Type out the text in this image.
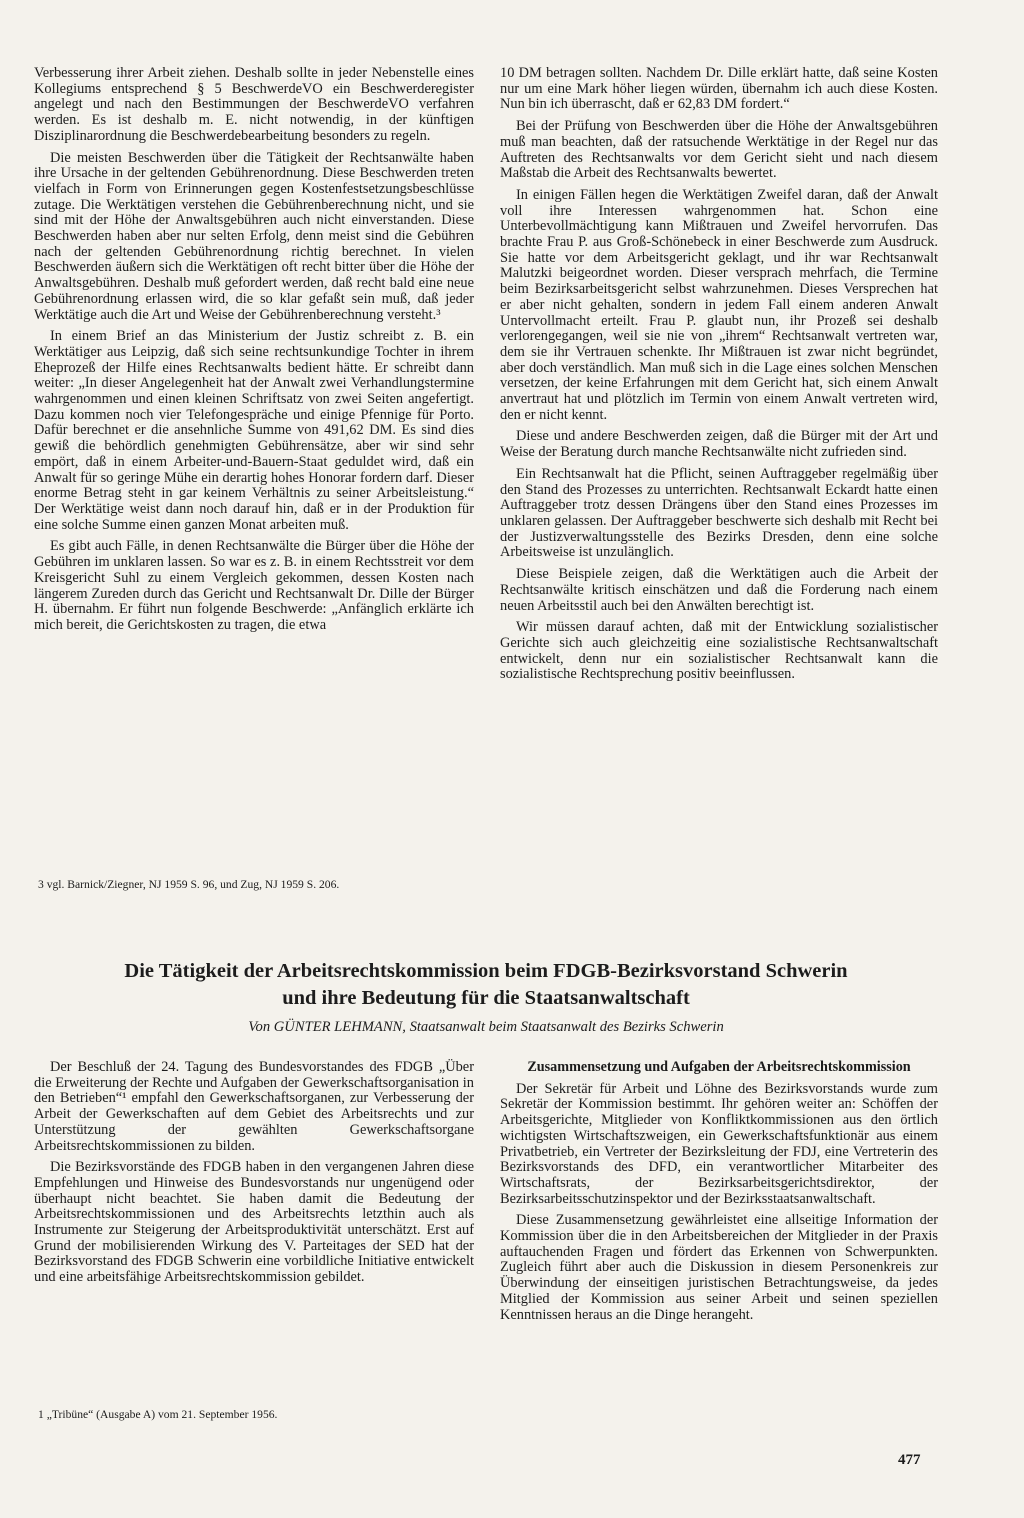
Verbesserung ihrer Arbeit ziehen. Deshalb sollte in jeder Nebenstelle eines Kollegiums entsprechend § 5 BeschwerdeVO ein Beschwerderegister angelegt und nach den Bestimmungen der BeschwerdeVO verfahren werden. Es ist deshalb m. E. nicht notwendig, in der künftigen Disziplinarordnung die Beschwerdebearbeitung besonders zu regeln.

Die meisten Beschwerden über die Tätigkeit der Rechtsanwälte haben ihre Ursache in der geltenden Gebührenordnung. Diese Beschwerden treten vielfach in Form von Erinnerungen gegen Kostenfestsetzungsbeschlüsse zutage. Die Werktätigen verstehen die Gebührenberechnung nicht, und sie sind mit der Höhe der Anwaltsgebühren auch nicht einverstanden. Diese Beschwerden haben aber nur selten Erfolg, denn meist sind die Gebühren nach der geltenden Gebührenordnung richtig berechnet. In vielen Beschwerden äußern sich die Werktätigen oft recht bitter über die Höhe der Anwaltsgebühren. Deshalb muß gefordert werden, daß recht bald eine neue Gebührenordnung erlassen wird, die so klar gefaßt sein muß, daß jeder Werktätige auch die Art und Weise der Gebührenberechnung versteht.³

In einem Brief an das Ministerium der Justiz schreibt z. B. ein Werktätiger aus Leipzig, daß sich seine rechtsunkundige Tochter in ihrem Eheprozeß der Hilfe eines Rechtsanwalts bedient hätte. Er schreibt dann weiter: „In dieser Angelegenheit hat der Anwalt zwei Verhandlungstermine wahrgenommen und einen kleinen Schriftsatz von zwei Seiten angefertigt. Dazu kommen noch vier Telefongespräche und einige Pfennige für Porto. Dafür berechnet er die ansehnliche Summe von 491,62 DM. Es sind dies gewiß die behördlich genehmigten Gebührensätze, aber wir sind sehr empört, daß in einem Arbeiter-und-Bauern-Staat geduldet wird, daß ein Anwalt für so geringe Mühe ein derartig hohes Honorar fordern darf. Dieser enorme Betrag steht in gar keinem Verhältnis zu seiner Arbeitsleistung.“ Der Werktätige weist dann noch darauf hin, daß er in der Produktion für eine solche Summe einen ganzen Monat arbeiten muß.

Es gibt auch Fälle, in denen Rechtsanwälte die Bürger über die Höhe der Gebühren im unklaren lassen. So war es z. B. in einem Rechtsstreit vor dem Kreisgericht Suhl zu einem Vergleich gekommen, dessen Kosten nach längerem Zureden durch das Gericht und Rechtsanwalt Dr. Dille der Bürger H. übernahm. Er führt nun folgende Beschwerde: „Anfänglich erklärte ich mich bereit, die Gerichtskosten zu tragen, die etwa

3 vgl. Barnick/Ziegner, NJ 1959 S. 96, und Zug, NJ 1959 S. 206.

10 DM betragen sollten. Nachdem Dr. Dille erklärt hatte, daß seine Kosten nur um eine Mark höher liegen würden, übernahm ich auch diese Kosten. Nun bin ich überrascht, daß er 62,83 DM fordert.“

Bei der Prüfung von Beschwerden über die Höhe der Anwaltsgebühren muß man beachten, daß der ratsuchende Werktätige in der Regel nur das Auftreten des Rechtsanwalts vor dem Gericht sieht und nach diesem Maßstab die Arbeit des Rechtsanwalts bewertet.

In einigen Fällen hegen die Werktätigen Zweifel daran, daß der Anwalt voll ihre Interessen wahrgenommen hat. Schon eine Unterbevollmächtigung kann Mißtrauen und Zweifel hervorrufen. Das brachte Frau P. aus Groß-Schönebeck in einer Beschwerde zum Ausdruck. Sie hatte vor dem Arbeitsgericht geklagt, und ihr war Rechtsanwalt Malutzki beigeordnet worden. Dieser versprach mehrfach, die Termine beim Bezirksarbeitsgericht selbst wahrzunehmen. Dieses Versprechen hat er aber nicht gehalten, sondern in jedem Fall einem anderen Anwalt Untervollmacht erteilt. Frau P. glaubt nun, ihr Prozeß sei deshalb verlorengegangen, weil sie nie von „ihrem“ Rechtsanwalt vertreten war, dem sie ihr Vertrauen schenkte. Ihr Mißtrauen ist zwar nicht begründet, aber doch verständlich. Man muß sich in die Lage eines solchen Menschen versetzen, der keine Erfahrungen mit dem Gericht hat, sich einem Anwalt anvertraut hat und plötzlich im Termin von einem Anwalt vertreten wird, den er nicht kennt.

Diese und andere Beschwerden zeigen, daß die Bürger mit der Art und Weise der Beratung durch manche Rechtsanwälte nicht zufrieden sind.

Ein Rechtsanwalt hat die Pflicht, seinen Auftraggeber regelmäßig über den Stand des Prozesses zu unterrichten. Rechtsanwalt Eckardt hatte einen Auftraggeber trotz dessen Drängens über den Stand eines Prozesses im unklaren gelassen. Der Auftraggeber beschwerte sich deshalb mit Recht bei der Justizverwaltungsstelle des Bezirks Dresden, denn eine solche Arbeitsweise ist unzulänglich.

Diese Beispiele zeigen, daß die Werktätigen auch die Arbeit der Rechtsanwälte kritisch einschätzen und daß die Forderung nach einem neuen Arbeitsstil auch bei den Anwälten berechtigt ist.

Wir müssen darauf achten, daß mit der Entwicklung sozialistischer Gerichte sich auch gleichzeitig eine sozialistische Rechtsanwaltschaft entwickelt, denn nur ein sozialistischer Rechtsanwalt kann die sozialistische Rechtsprechung positiv beeinflussen.

Die Tätigkeit der Arbeitsrechtskommission beim FDGB-Bezirksvorstand Schwerin
und ihre Bedeutung für die Staatsanwaltschaft
Von GÜNTER LEHMANN, Staatsanwalt beim Staatsanwalt des Bezirks Schwerin

Der Beschluß der 24. Tagung des Bundesvorstandes des FDGB „Über die Erweiterung der Rechte und Aufgaben der Gewerkschaftsorganisation in den Betrieben“¹ empfahl den Gewerkschaftsorganen, zur Verbesserung der Arbeit der Gewerkschaften auf dem Gebiet des Arbeitsrechts und zur Unterstützung der gewählten Gewerkschaftsorgane Arbeitsrechtskommissionen zu bilden.

Die Bezirksvorstände des FDGB haben in den vergangenen Jahren diese Empfehlungen und Hinweise des Bundesvorstands nur ungenügend oder überhaupt nicht beachtet. Sie haben damit die Bedeutung der Arbeitsrechtskommissionen und des Arbeitsrechts letzthin auch als Instrumente zur Steigerung der Arbeitsproduktivität unterschätzt. Erst auf Grund der mobilisierenden Wirkung des V. Parteitages der SED hat der Bezirksvorstand des FDGB Schwerin eine vorbildliche Initiative entwickelt und eine arbeitsfähige Arbeitsrechtskommission gebildet.

1 „Tribüne“ (Ausgabe A) vom 21. September 1956.

Zusammensetzung und Aufgaben der Arbeitsrechtskommission

Der Sekretär für Arbeit und Löhne des Bezirksvorstands wurde zum Sekretär der Kommission bestimmt. Ihr gehören weiter an: Schöffen der Arbeitsgerichte, Mitglieder von Konfliktkommissionen aus den örtlich wichtigsten Wirtschaftszweigen, ein Gewerkschaftsfunktionär aus einem Privatbetrieb, ein Vertreter der Bezirksleitung der FDJ, eine Vertreterin des Bezirksvorstands des DFD, ein verantwortlicher Mitarbeiter des Wirtschaftsrats, der Bezirksarbeitsgerichtsdirektor, der Bezirksarbeitsschutzinspektor und der Bezirksstaatsanwaltschaft.

Diese Zusammensetzung gewährleistet eine allseitige Information der Kommission über die in den Arbeitsbereichen der Mitglieder in der Praxis auftauchenden Fragen und fördert das Erkennen von Schwerpunkten. Zugleich führt aber auch die Diskussion in diesem Personenkreis zur Überwindung der einseitigen juristischen Betrachtungsweise, da jedes Mitglied der Kommission aus seiner Arbeit und seinen speziellen Kenntnissen heraus an die Dinge herangeht.

477
